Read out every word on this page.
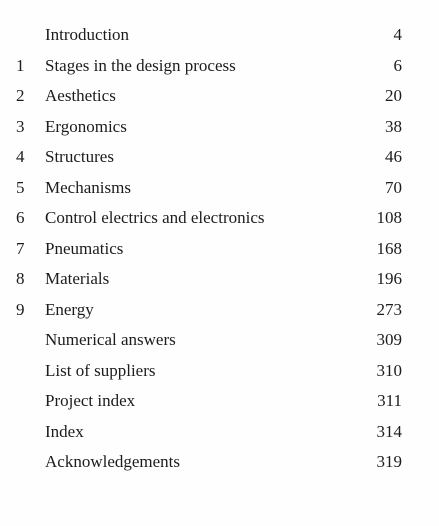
Introduction	4
1	Stages in the design process	6
2	Aesthetics	20
3	Ergonomics	38
4	Structures	46
5	Mechanisms	70
6	Control electrics and electronics	108
7	Pneumatics	168
8	Materials	196
9	Energy	273
Numerical answers	309
List of suppliers	310
Project index	311
Index	314
Acknowledgements	319
